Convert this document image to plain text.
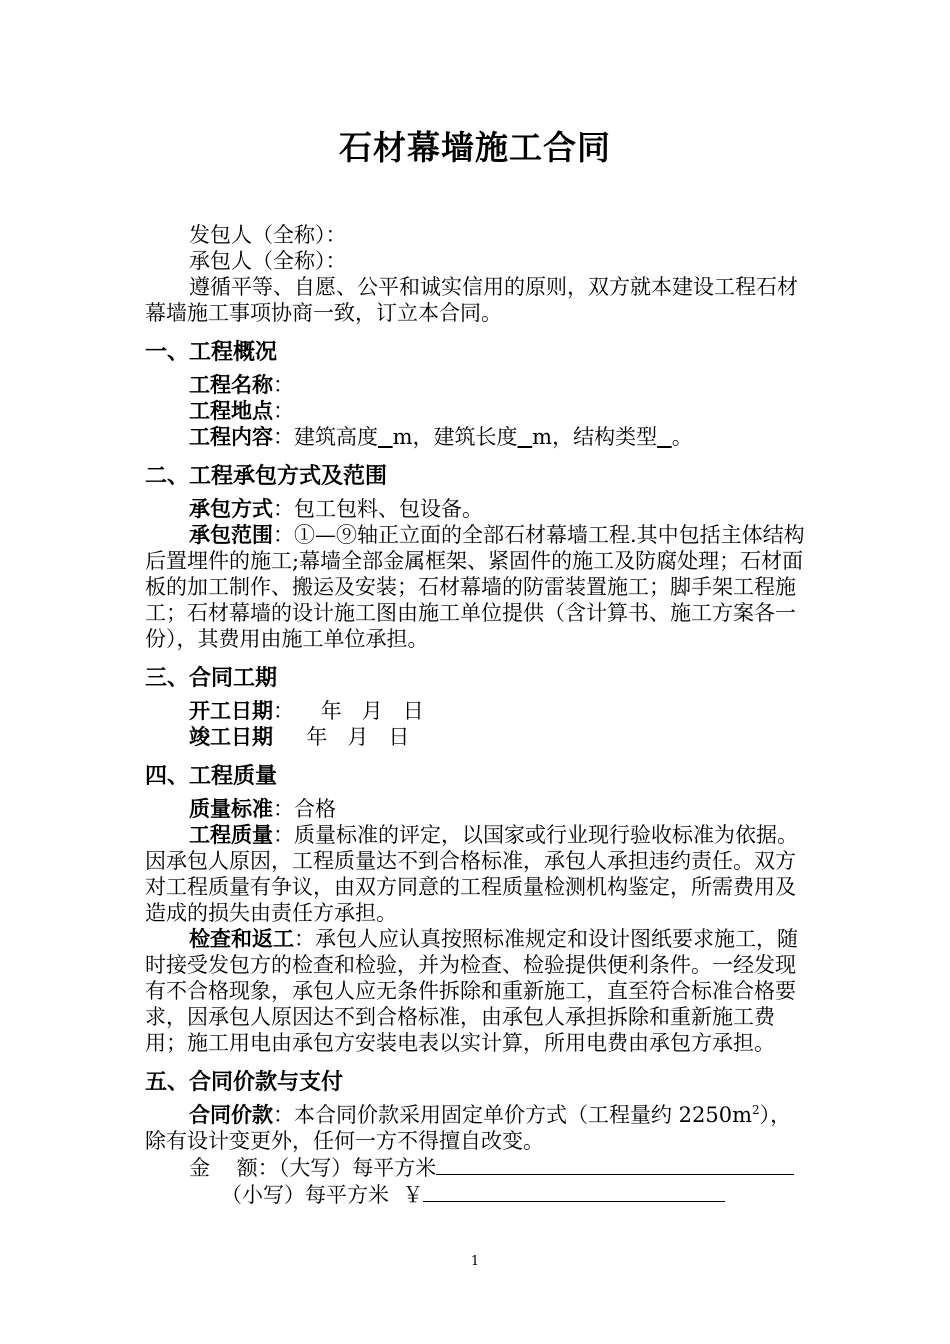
石材幕墙施工合同

发包人（全称）：

承包人（全称）：

遵循平等、自愿、公平和诚实信用的原则，双方就本建设工程石材幕墙施工事项协商一致，订立本合同。

一、工程概况

工程名称：

工程地点：

工程内容：建筑高度 m，建筑长度 m，结构类型 。

二、工程承包方式及范围

承包方式：包工包料、包设备。

承包范围：①—⑨轴正立面的全部石材幕墙工程.其中包括主体结构后置埋件的施工;幕墙全部金属框架、紧固件的施工及防腐处理；石材面板的加工制作、搬运及安装；石材幕墙的防雷装置施工；脚手架工程施工；石材幕墙的设计施工图由施工单位提供（含计算书、施工方案各一份），其费用由施工单位承担。

三、合同工期

开工日期：    年   月   日

竣工日期     年   月   日

四、工程质量

质量标准：合格

工程质量：质量标准的评定，以国家或行业现行验收标准为依据。因承包人原因，工程质量达不到合格标准，承包人承担违约责任。双方对工程质量有争议，由双方同意的工程质量检测机构鉴定，所需费用及造成的损失由责任方承担。

检查和返工：承包人应认真按照标准规定和设计图纸要求施工，随时接受发包方的检查和检验，并为检查、检验提供便利条件。一经发现有不合格现象，承包人应无条件拆除和重新施工，直至符合标准合格要求，因承包人原因达不到合格标准，由承包人承担拆除和重新施工费用；施工用电由承包方安装电表以实计算，所用电费由承包方承担。

五、合同价款与支付

合同价款：本合同价款采用固定单价方式（工程量约 $2250m^2$），除有设计变更外，任何一方不得擅自改变。

金    额：（大写）每平方米

（小写）每平方米  ￥

1
